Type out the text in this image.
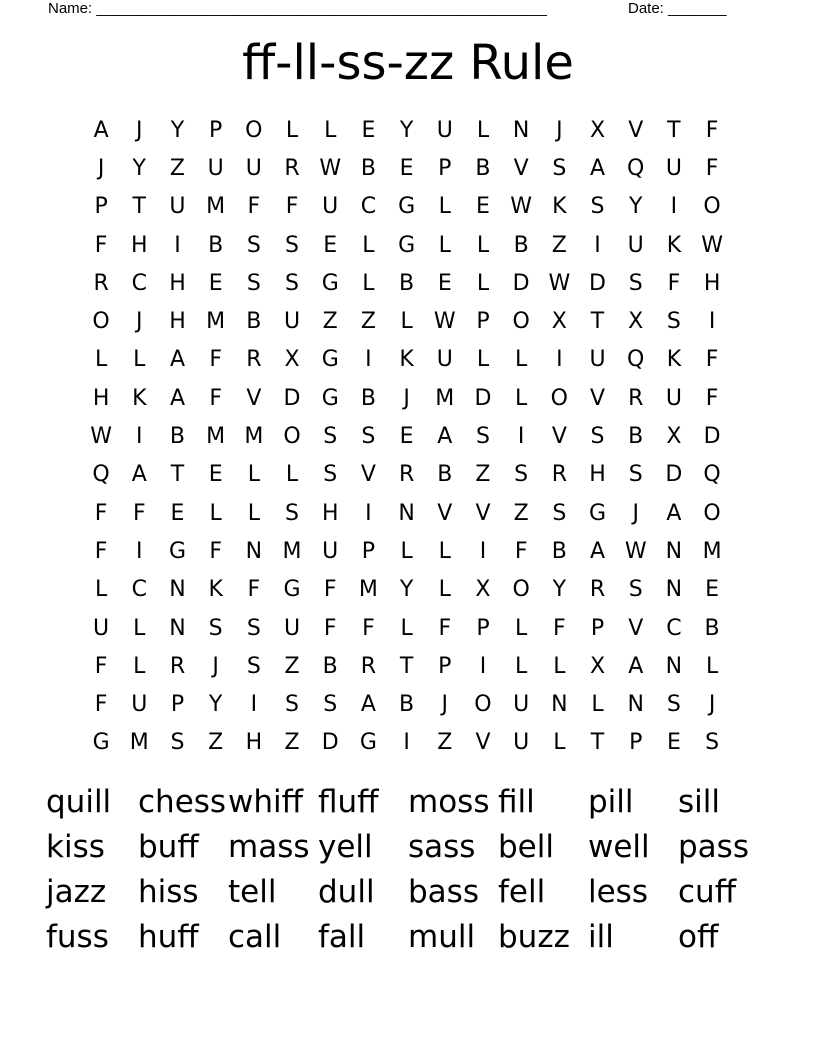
Name: ______________________________________________________	Date: _______
ff-ll-ss-zz Rule
A	J	Y	P	O	L	L	E	Y	U	L	N	J	X	V	T	F
J	Y	Z	U	U	R	W	B	E	P	B	V	S	A	Q	U	F
P	T	U	M	F	F	U	C	G	L	E	W	K	S	Y	I	O
F	H	I	B	S	S	E	L	G	L	L	B	Z	I	U	K	W
R	C	H	E	S	S	G	L	B	E	L	D	W	D	S	F	H
O	J	H	M	B	U	Z	Z	L	W	P	O	X	T	X	S	I
L	L	A	F	R	X	G	I	K	U	L	L	I	U	Q	K	F
H	K	A	F	V	D	G	B	J	M	D	L	O	V	R	U	F
W	I	B	M	M	O	S	S	E	A	S	I	V	S	B	X	D
Q	A	T	E	L	L	S	V	R	B	Z	S	R	H	S	D	Q
F	F	E	L	L	S	H	I	N	V	V	Z	S	G	J	A	O
F	I	G	F	N	M	U	P	L	L	I	F	B	A	W	N	M
L	C	N	K	F	G	F	M	Y	L	X	O	Y	R	S	N	E
U	L	N	S	S	U	F	F	L	F	P	L	F	P	V	C	B
F	L	R	J	S	Z	B	R	T	P	I	L	L	X	A	N	L
F	U	P	Y	I	S	S	A	B	J	O	U	N	L	N	S	J
G	M	S	Z	H	Z	D	G	I	Z	V	U	L	T	P	E	S
quill chess whiff fluff moss fill pill sill
kiss buff mass yell sass bell well pass
jazz hiss tell dull bass fell less cuff
fuss huff call fall mull buzz ill off
